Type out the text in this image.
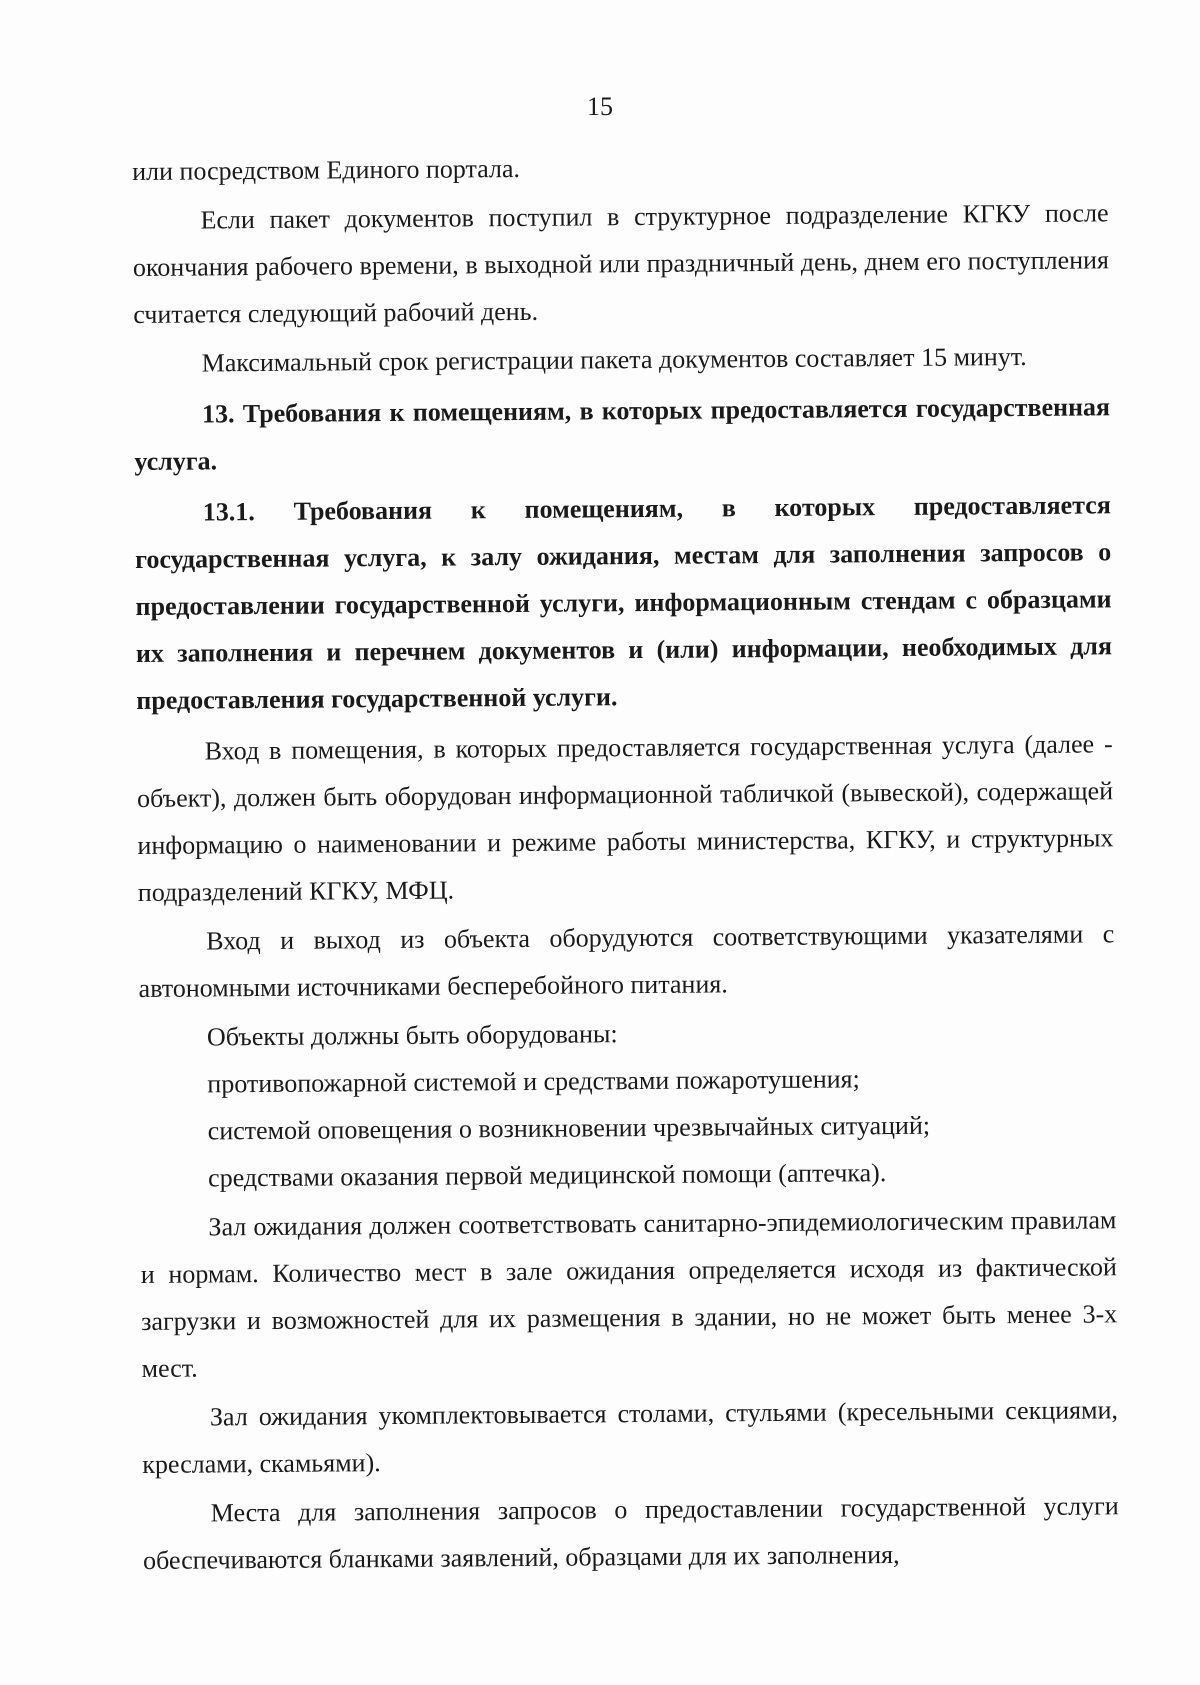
15

или посредством Единого портала.

Если пакет документов поступил в структурное подразделение КГКУ после окончания рабочего времени, в выходной или праздничный день, днем его поступления считается следующий рабочий день.

Максимальный срок регистрации пакета документов составляет 15 минут.

13. Требования к помещениям, в которых предоставляется государственная услуга.

13.1. Требования к помещениям, в которых предоставляется государственная услуга, к залу ожидания, местам для заполнения запросов о предоставлении государственной услуги, информационным стендам с образцами их заполнения и перечнем документов и (или) информации, необходимых для предоставления государственной услуги.

Вход в помещения, в которых предоставляется государственная услуга (далее - объект), должен быть оборудован информационной табличкой (вывеской), содержащей информацию о наименовании и режиме работы министерства, КГКУ, и структурных подразделений КГКУ, МФЦ.

Вход и выход из объекта оборудуются соответствующими указателями с автономными источниками бесперебойного питания.

Объекты должны быть оборудованы:

противопожарной системой и средствами пожаротушения;

системой оповещения о возникновении чрезвычайных ситуаций;

средствами оказания первой медицинской помощи (аптечка).

Зал ожидания должен соответствовать санитарно-эпидемиологическим правилам и нормам. Количество мест в зале ожидания определяется исходя из фактической загрузки и возможностей для их размещения в здании, но не может быть менее 3-х мест.

Зал ожидания укомплектовывается столами, стульями (кресельными секциями, креслами, скамьями).

Места для заполнения запросов о предоставлении государственной услуги обеспечиваются бланками заявлений, образцами для их заполнения,
